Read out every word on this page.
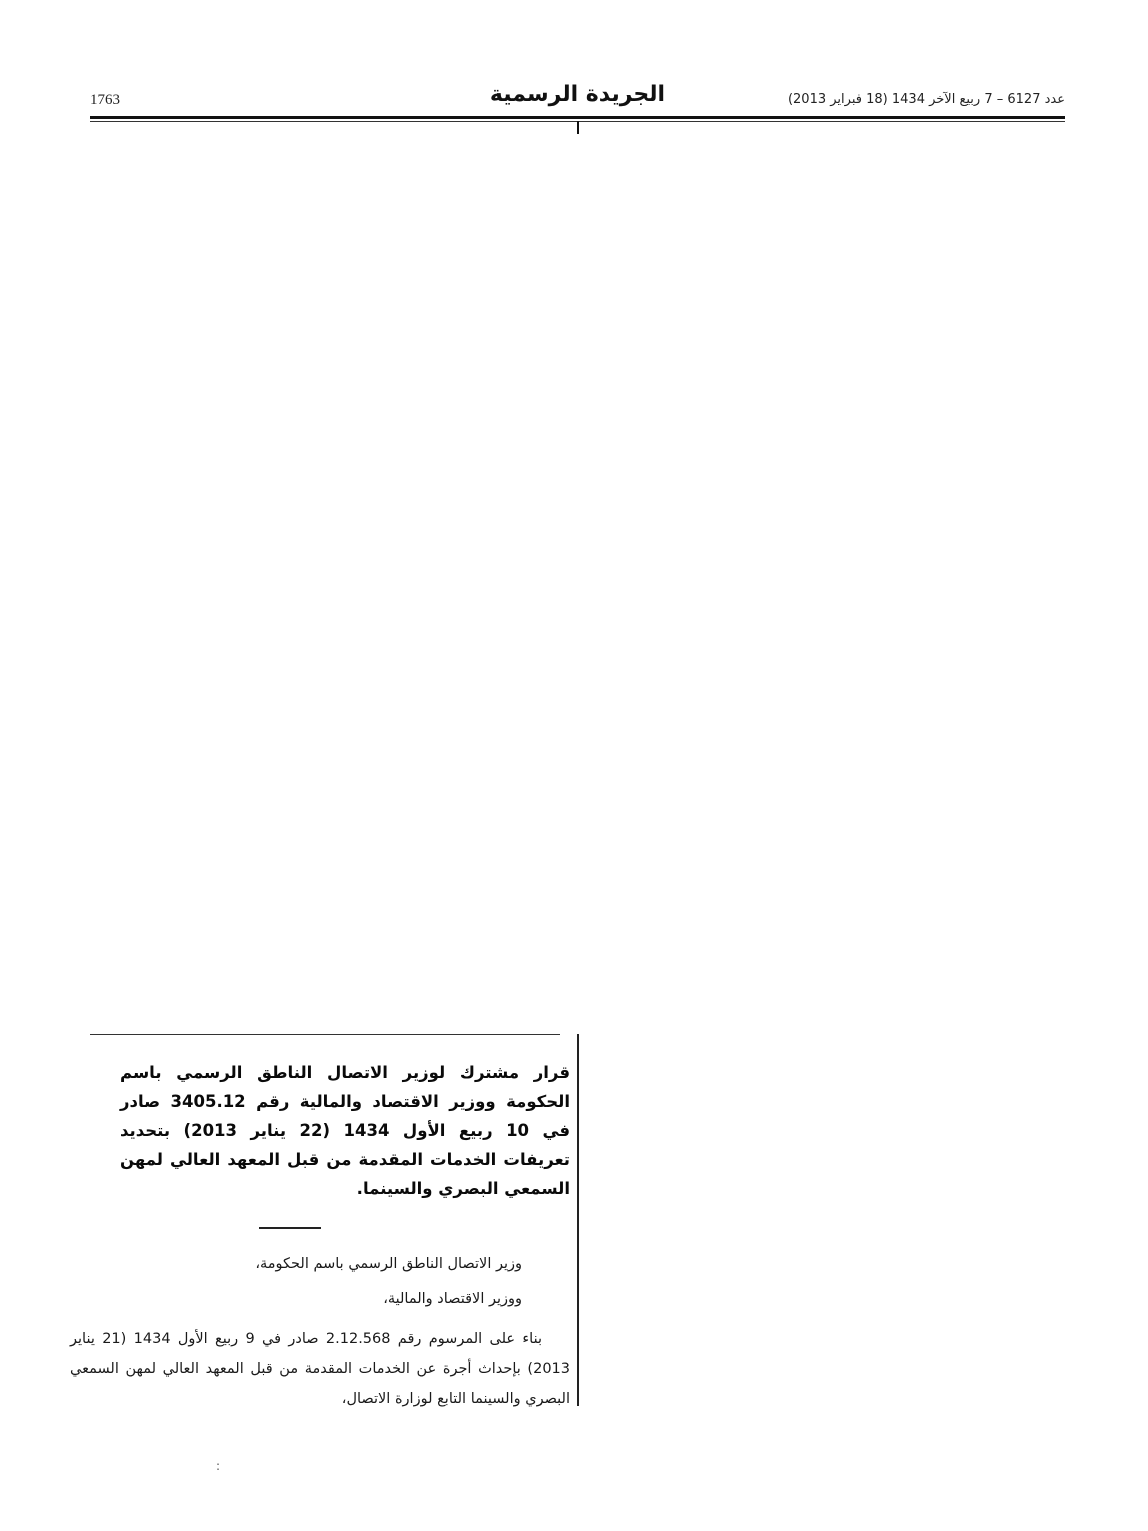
1763	الجريدة الرسمية	عدد 6127 – 7 ربيع الآخر 1434 (18 فبراير 2013)
قرار مشترك لوزير الاتصال الناطق الرسمي باسم الحكومة ووزير الاقتصاد والمالية رقم 3405.12 صادر في 10 ربيع الأول 1434 (22 يناير 2013) بتحديد تعريفات الخدمات المقدمة من قبل المعهد العالي لمهن السمعي البصري والسينما.

وزير الاتصال الناطق الرسمي باسم الحكومة،

ووزير الاقتصاد والمالية،

بناء على المرسوم رقم 2.12.568 صادر في 9 ربيع الأول 1434 (21 يناير 2013) بإحداث أجرة عن الخدمات المقدمة من قبل المعهد العالي لمهن السمعي البصري والسينما التابع لوزارة الاتصال،

:
